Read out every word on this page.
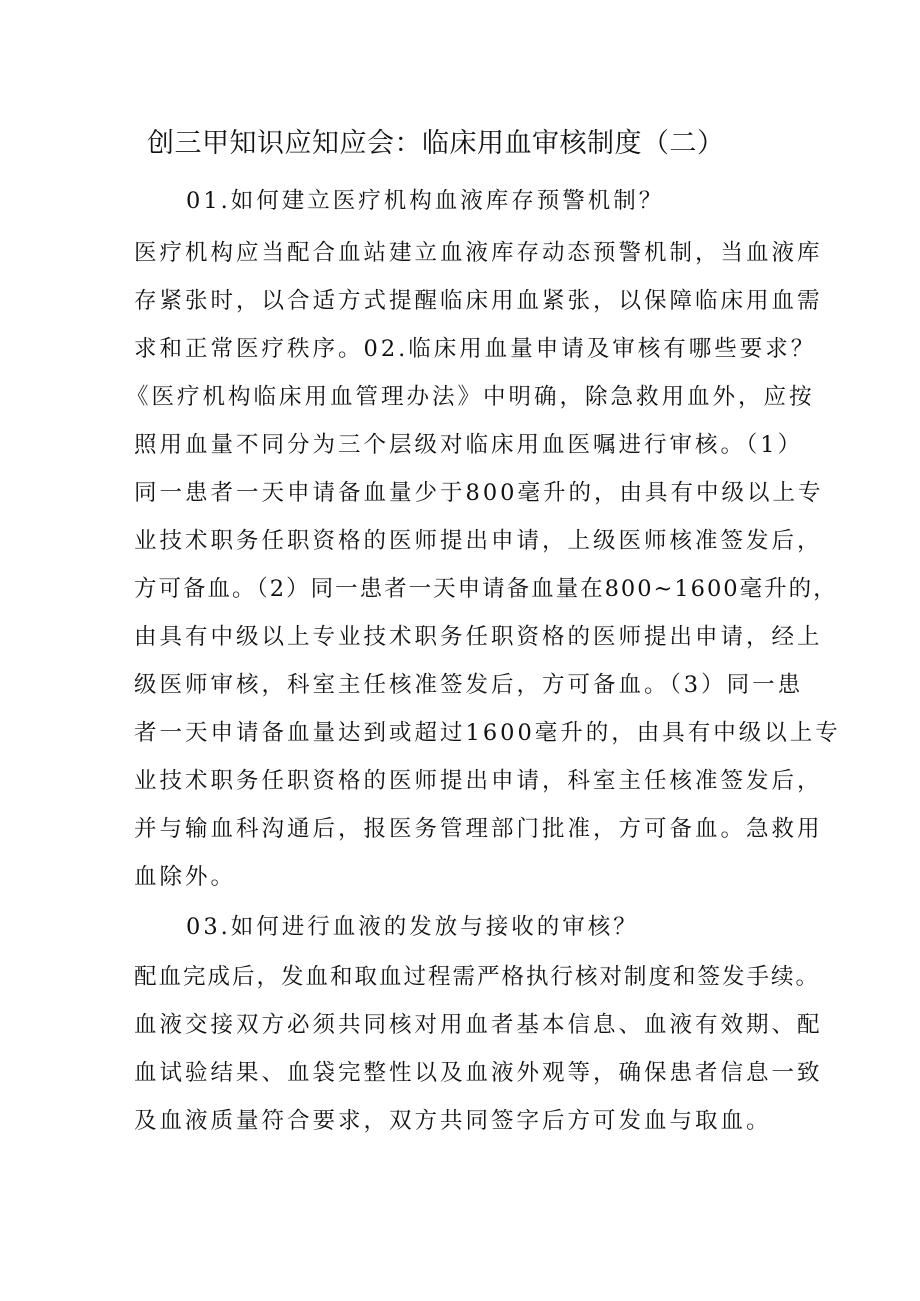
创三甲知识应知应会：临床用血审核制度（二）
01.如何建立医疗机构血液库存预警机制？
医疗机构应当配合血站建立血液库存动态预警机制，当血液库
存紧张时，以合适方式提醒临床用血紧张，以保障临床用血需
求和正常医疗秩序。02.临床用血量申请及审核有哪些要求？
《医疗机构临床用血管理办法》中明确，除急救用血外，应按
照用血量不同分为三个层级对临床用血医嘱进行审核。（1）
同一患者一天申请备血量少于800毫升的，由具有中级以上专
业技术职务任职资格的医师提出申请，上级医师核准签发后，
方可备血。（2）同一患者一天申请备血量在800~1600毫升的，
由具有中级以上专业技术职务任职资格的医师提出申请，经上
级医师审核，科室主任核准签发后，方可备血。（3）同一患
者一天申请备血量达到或超过1600毫升的，由具有中级以上专
业技术职务任职资格的医师提出申请，科室主任核准签发后，
并与输血科沟通后，报医务管理部门批准，方可备血。急救用
血除外。
03.如何进行血液的发放与接收的审核？
配血完成后，发血和取血过程需严格执行核对制度和签发手续。
血液交接双方必须共同核对用血者基本信息、血液有效期、配
血试验结果、血袋完整性以及血液外观等，确保患者信息一致
及血液质量符合要求，双方共同签字后方可发血与取血。
